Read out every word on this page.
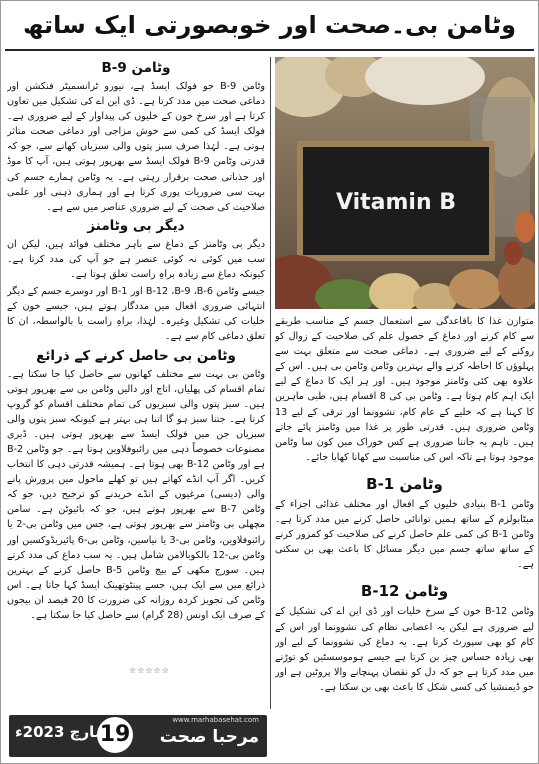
وٹامن بی۔صحت اور خوبصورتی ایک ساتھ
وٹامن B-9

وٹامن B-9 جو فولک ایسڈ ہے، نیورو ٹرانسمیٹر فنکشن اور دماغی صحت میں مدد کرتا ہے۔ ڈی این اے کی تشکیل میں تعاون کرتا ہے اور سرخ خون کے خلیوں کی پیداوار کے لیے ضروری ہے۔ فولک ایسڈ کی کمی سے خوش مزاجی اور دماغی صحت متاثر ہوتی ہے۔ لہٰذا صرف سبز پتوں والی سبزیاں کھانے سے، جو کہ قدرتی وٹامن B-9 فولک ایسڈ سے بھرپور ہوتی ہیں، آپ کا موڈ اور جذباتی صحت برقرار رہتی ہے۔ یہ وٹامن ہمارے جسم کی بہت سی ضروریات پوری کرتا ہے اور ہماری ذہنی اور علمی صلاحیت کی صحت کے لیے ضروری عناصر میں سے ہے۔

دیگر بی وٹامنز

دیگر بی وٹامنز کے دماغ سے باہر مختلف فوائد ہیں، لیکن ان سب میں کوئی نہ کوئی عنصر ہے جو آپ کی مدد کرتا ہے۔ کیونکہ دماغ سے زیادہ براہِ راست تعلق ہوتا ہے۔

جیسے وٹامن B-12 ،B-9 ،B-6 اور B-1 اور دوسرے جسم کے دیگر انتہائی ضروری افعال میں مددگار ہوتے ہیں، جیسے خون کے خلیات کی تشکیل وغیرہ۔ لہٰذا، براہِ راست یا بالواسطہ، ان کا تعلق دماغی کام سے ہے۔

وٹامن بی حاصل کرنے کے ذرائع

وٹامن بی بہت سے مختلف کھانوں سے حاصل کیا جا سکتا ہے۔ تمام اقسام کی پھلیاں، اناج اور دالیں وٹامن بی سے بھرپور ہوتی ہیں۔ سبز پتوں والی سبزیوں کی تمام مختلف اقسام کو گروپ کرتا ہے۔ جتنا سبز ہو گا اتنا ہی بہتر ہے کیونکہ سبز پتوں والی سبزیاں جن میں فولک ایسڈ سے بھرپور ہوتی ہیں۔ ڈیری مصنوعات خصوصاً دہی میں رائبوفلاوین ہوتا ہے۔ جو وٹامن B-2 ہے اور وٹامن B-12 بھی ہوتا ہے۔ ہمیشہ قدرتی دہی کا انتخاب کریں۔ اگر آپ انڈے کھاتے ہیں تو کھلے ماحول میں پرورش پانے والی (دیسی) مرغیوں کے انڈے خریدنے کو ترجیح دیں، جو کہ وٹامن B-7 سے بھرپور ہوتے ہیں، جو کہ بائیوٹن ہے۔ سامن مچھلی بی وٹامنز سے بھرپور ہوتی ہے، جس میں وٹامن بی-2 یا رائبوفلاوین، وٹامن بی-3 یا نیاسین، وٹامن بی-6 پائیریڈوکسین اور وٹامن بی-12 بالکوبالامن شامل ہیں۔ یہ سب دماغ کی مدد کرتے ہیں۔ سورج مکھی کے بیج وٹامن B-5 حاصل کرنے کے بہترین ذرائع میں سے ایک ہیں، جسے پینٹوتھینک ایسڈ کہا جاتا ہے۔ اس وٹامن کی تجویز کردہ روزانہ کی ضرورت کا 20 فیصد ان بیجوں کے صرف ایک اونس (28 گرام) سے حاصل کیا جا سکتا ہے۔

Vitamin B

متوازن غذا کا باقاعدگی سے استعمال جسم کے مناسب طریقے سے کام کرنے اور دماغ کے حصول علم کی صلاحیت کے زوال کو روکنے کے لیے ضروری ہے۔ دماغی صحت سے متعلق بہت سے پہلوؤں کا احاطہ کرنے والے بہترین وٹامن وٹامن بی ہیں۔ اس کے علاوہ بھی کئی وٹامنز موجود ہیں۔ اور ہر ایک کا دماغ کے لیے ایک اہم کام ہوتا ہے۔ وٹامن بی کی 8 اقسام ہیں، طبی ماہرین کا کہنا ہے کہ خلیے کے عام کام، نشوونما اور ترقی کے لیے 13 وٹامن ضروری ہیں۔ قدرتی طور پر غذا میں وٹامنز پائے جاتے ہیں۔ تاہم یہ جاننا ضروری ہے کس خوراک میں کون سا وٹامن موجود ہوتا ہے تاکہ اس کی مناسبت سے کھانا کھایا جائے۔

وٹامن B-1

وٹامن B-1 بنیادی خلیوں کے افعال اور مختلف غذائی اجزاء کے میٹابولزم کے ساتھ ہمیں توانائی حاصل کرنے میں مدد کرتا ہے۔ وٹامن B-1 کی کمی علم حاصل کرنے کی صلاحیت کو کمزور کرنے کے ساتھ ساتھ جسم میں دیگر مسائل کا باعث بھی بن سکتی ہے۔

وٹامن B-12

وٹامن B-12 خون کے سرخ خلیات اور ڈی این اے کی تشکیل کے لیے ضروری ہے لیکن یہ اعصابی نظام کی نشوونما اور اس کے کام کو بھی سپورٹ کرتا ہے۔ یہ دماغ کی نشوونما کے لیے اور بھی زیادہ حساس چیز بن کرتا ہے جیسے ہوموسسٹین کو توڑنے میں مدد کرتا ہے جو کہ دل کو نقصان پہنچانے والا پروٹین ہے اور جو ڈیمنشیا کی کسی شکل کا باعث بھی بن سکتا ہے۔

☆☆☆☆☆
www.marhabasehat.com
مرحبا صحت
19
مارچ 2023ء
